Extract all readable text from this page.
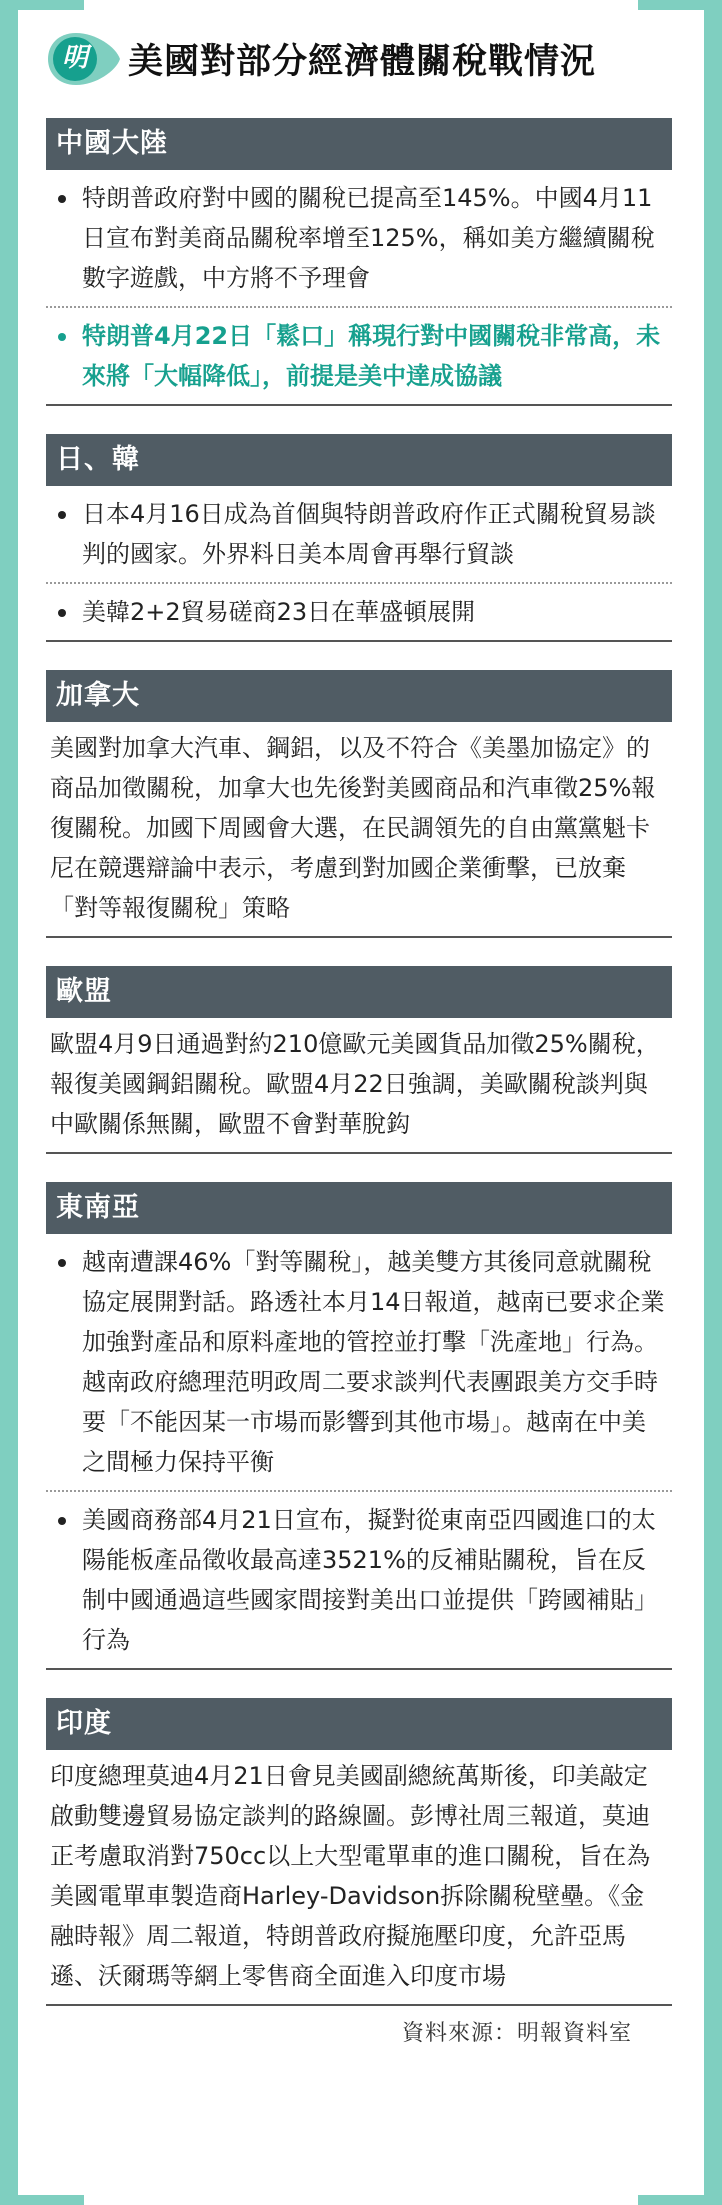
明 美國對部分經濟體關稅戰情況
中國大陸
特朗普政府對中國的關稅已提高至145%。中國4月11日宣布對美商品關稅率增至125%，稱如美方繼續關稅數字遊戲，中方將不予理會
特朗普4月22日「鬆口」稱現行對中國關稅非常高，未來將「大幅降低」，前提是美中達成協議
日、韓
日本4月16日成為首個與特朗普政府作正式關稅貿易談判的國家。外界料日美本周會再舉行貿談
美韓2+2貿易磋商23日在華盛頓展開
加拿大
美國對加拿大汽車、鋼鋁，以及不符合《美墨加協定》的商品加徵關稅，加拿大也先後對美國商品和汽車徵25%報復關稅。加國下周國會大選，在民調領先的自由黨黨魁卡尼在競選辯論中表示，考慮到對加國企業衝擊，已放棄「對等報復關稅」策略
歐盟
歐盟4月9日通過對約210億歐元美國貨品加徵25%關稅，報復美國鋼鋁關稅。歐盟4月22日強調，美歐關稅談判與中歐關係無關，歐盟不會對華脫鈎
東南亞
越南遭課46%「對等關稅」，越美雙方其後同意就關稅協定展開對話。路透社本月14日報道，越南已要求企業加強對產品和原料產地的管控並打擊「洗產地」行為。越南政府總理范明政周二要求談判代表團跟美方交手時要「不能因某一市場而影響到其他市場」。越南在中美之間極力保持平衡
美國商務部4月21日宣布，擬對從東南亞四國進口的太陽能板產品徵收最高達3521%的反補貼關稅，旨在反制中國通過這些國家間接對美出口並提供「跨國補貼」行為
印度
印度總理莫迪4月21日會見美國副總統萬斯後，印美敲定啟動雙邊貿易協定談判的路線圖。彭博社周三報道，莫迪正考慮取消對750cc以上大型電單車的進口關稅，旨在為美國電單車製造商Harley-Davidson拆除關稅壁壘。《金融時報》周二報道，特朗普政府擬施壓印度，允許亞馬遜、沃爾瑪等網上零售商全面進入印度市場
資料來源：明報資料室
